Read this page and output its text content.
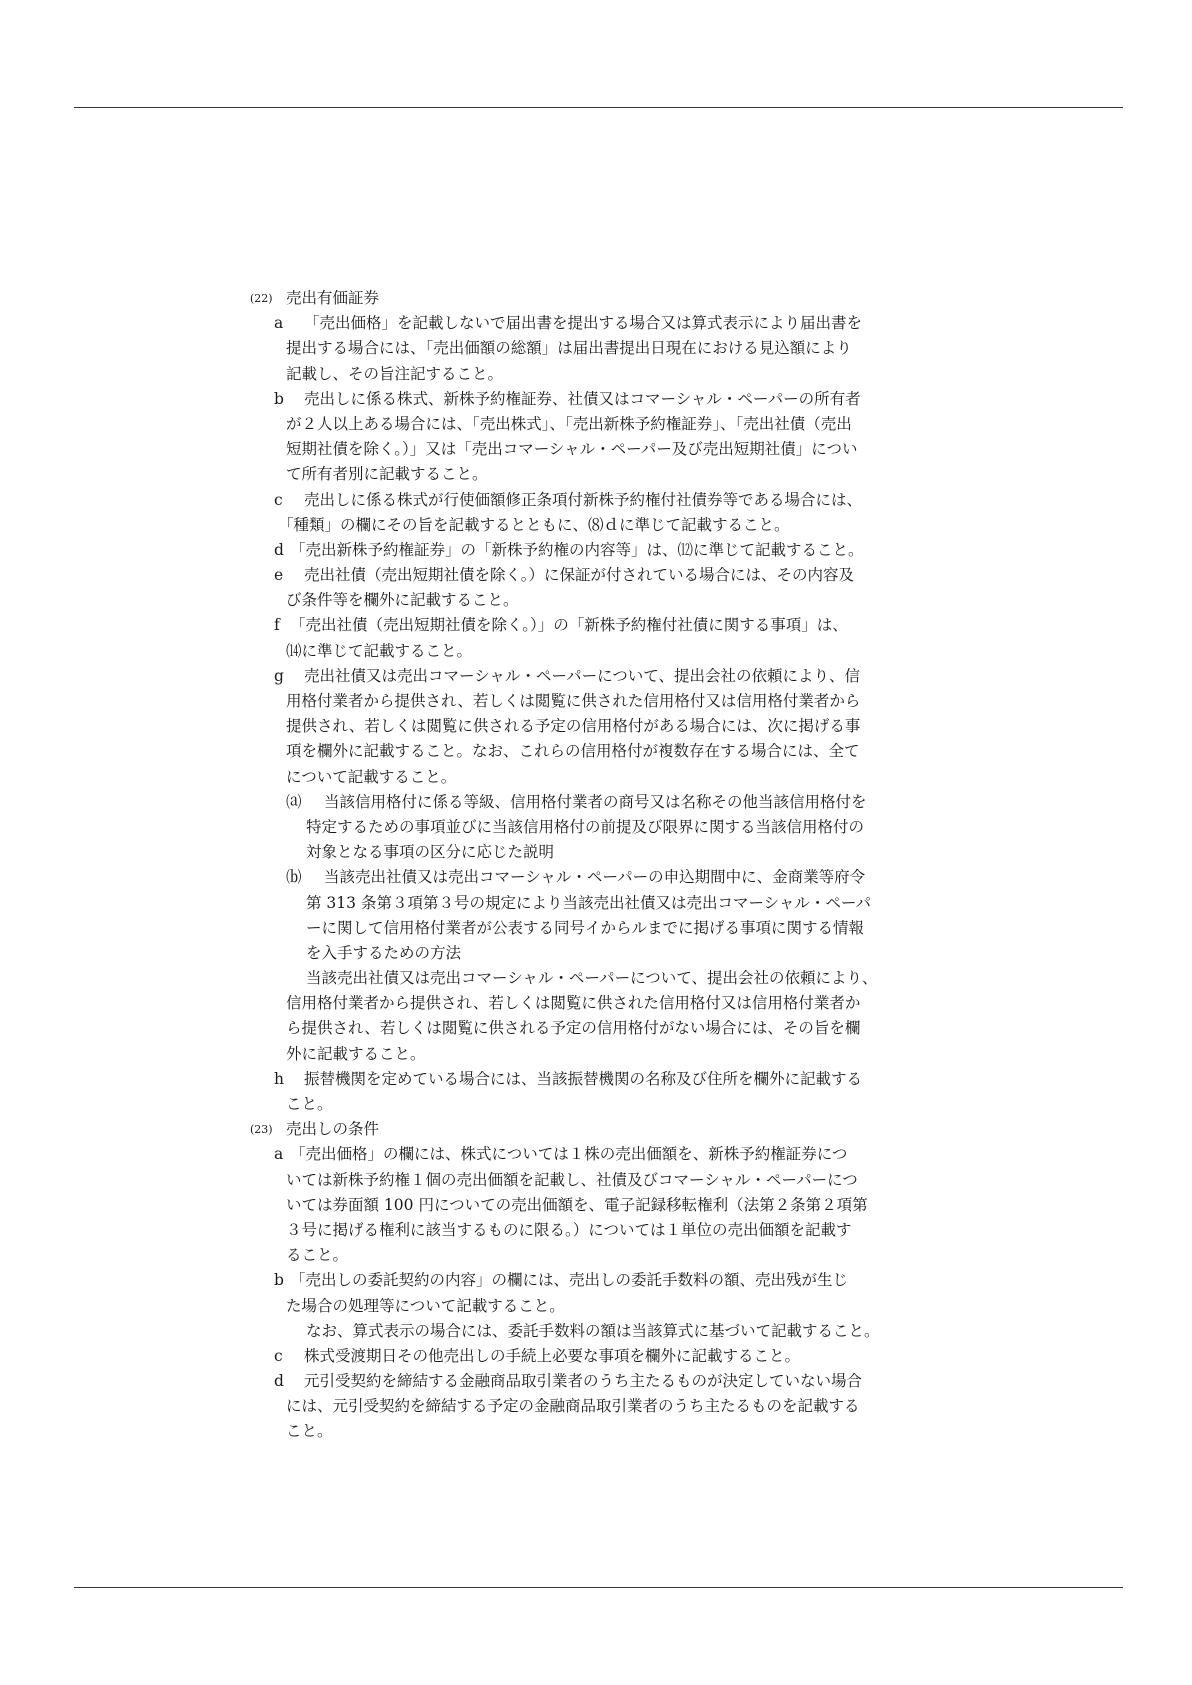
(22) 売出有価証券
a 「売出価格」を記載しないで届出書を提出する場合又は算式表示により届出書を
提出する場合には、「売出価額の総額」は届出書提出日現在における見込額により
記載し、その旨注記すること。
b 売出しに係る株式、新株予約権証券、社債又はコマーシャル・ペーパーの所有者
が２人以上ある場合には、「売出株式」、「売出新株予約権証券」、「売出社債（売出
短期社債を除く。）」又は「売出コマーシャル・ペーパー及び売出短期社債」につい
て所有者別に記載すること。
c 売出しに係る株式が行使価額修正条項付新株予約権付社債券等である場合には、
「種類」の欄にその旨を記載するとともに、⑻ｄに準じて記載すること。
d 「売出新株予約権証券」の「新株予約権の内容等」は、⑿に準じて記載すること。
e 売出社債（売出短期社債を除く。）に保証が付されている場合には、その内容及
び条件等を欄外に記載すること。
f 「売出社債（売出短期社債を除く。）」の「新株予約権付社債に関する事項」は、
⒁に準じて記載すること。
g 売出社債又は売出コマーシャル・ペーパーについて、提出会社の依頼により、信
用格付業者から提供され、若しくは閲覧に供された信用格付又は信用格付業者から
提供され、若しくは閲覧に供される予定の信用格付がある場合には、次に掲げる事
項を欄外に記載すること。なお、これらの信用格付が複数存在する場合には、全て
について記載すること。
⒜ 当該信用格付に係る等級、信用格付業者の商号又は名称その他当該信用格付を
特定するための事項並びに当該信用格付の前提及び限界に関する当該信用格付の
対象となる事項の区分に応じた説明
⒝ 当該売出社債又は売出コマーシャル・ペーパーの申込期間中に、金商業等府令
第 313 条第３項第３号の規定により当該売出社債又は売出コマーシャル・ペーパ
ーに関して信用格付業者が公表する同号イからルまでに掲げる事項に関する情報
を入手するための方法
当該売出社債又は売出コマーシャル・ペーパーについて、提出会社の依頼により、
信用格付業者から提供され、若しくは閲覧に供された信用格付又は信用格付業者か
ら提供され、若しくは閲覧に供される予定の信用格付がない場合には、その旨を欄
外に記載すること。
h 振替機関を定めている場合には、当該振替機関の名称及び住所を欄外に記載する
こと。
(23) 売出しの条件
a 「売出価格」の欄には、株式については１株の売出価額を、新株予約権証券につ
いては新株予約権１個の売出価額を記載し、社債及びコマーシャル・ペーパーにつ
いては券面額 100 円についての売出価額を、電子記録移転権利（法第２条第２項第
３号に掲げる権利に該当するものに限る。）については１単位の売出価額を記載す
ること。
b 「売出しの委託契約の内容」の欄には、売出しの委託手数料の額、売出残が生じ
た場合の処理等について記載すること。
なお、算式表示の場合には、委託手数料の額は当該算式に基づいて記載すること。
c 株式受渡期日その他売出しの手続上必要な事項を欄外に記載すること。
d 元引受契約を締結する金融商品取引業者のうち主たるものが決定していない場合
には、元引受契約を締結する予定の金融商品取引業者のうち主たるものを記載する
こと。
